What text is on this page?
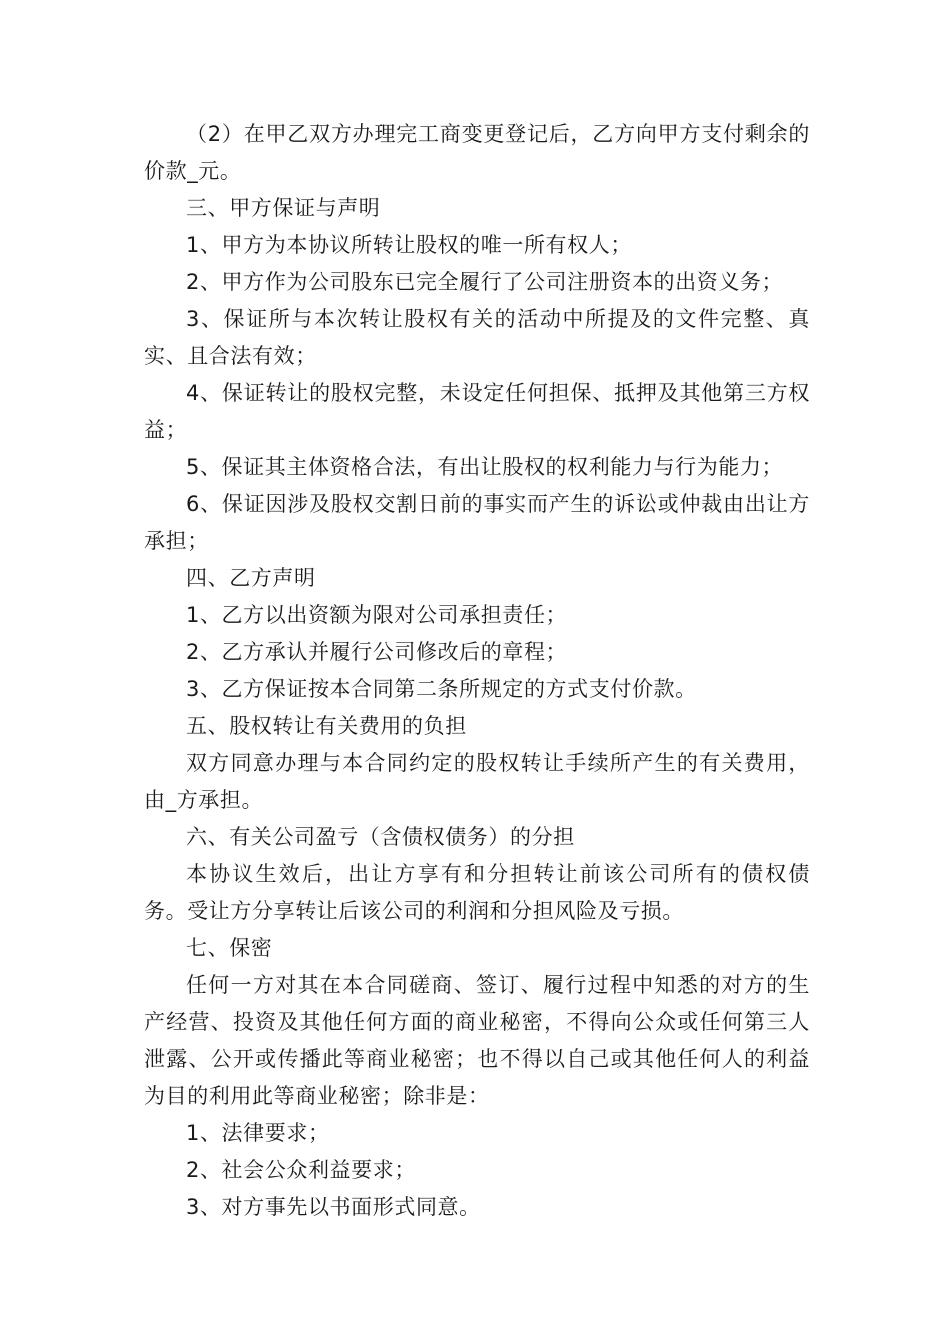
（2）在甲乙双方办理完工商变更登记后，乙方向甲方支付剩余的价款_元。

三、甲方保证与声明

1、甲方为本协议所转让股权的唯一所有权人；

2、甲方作为公司股东已完全履行了公司注册资本的出资义务；

3、保证所与本次转让股权有关的活动中所提及的文件完整、真实、且合法有效；

4、保证转让的股权完整，未设定任何担保、抵押及其他第三方权益；

5、保证其主体资格合法，有出让股权的权利能力与行为能力；

6、保证因涉及股权交割日前的事实而产生的诉讼或仲裁由出让方承担；

四、乙方声明

1、乙方以出资额为限对公司承担责任；

2、乙方承认并履行公司修改后的章程；

3、乙方保证按本合同第二条所规定的方式支付价款。

五、股权转让有关费用的负担

双方同意办理与本合同约定的股权转让手续所产生的有关费用，由_方承担。

六、有关公司盈亏（含债权债务）的分担

本协议生效后，出让方享有和分担转让前该公司所有的债权债务。受让方分享转让后该公司的利润和分担风险及亏损。

七、保密

任何一方对其在本合同磋商、签订、履行过程中知悉的对方的生产经营、投资及其他任何方面的商业秘密，不得向公众或任何第三人泄露、公开或传播此等商业秘密；也不得以自己或其他任何人的利益为目的利用此等商业秘密；除非是：

1、法律要求；

2、社会公众利益要求；

3、对方事先以书面形式同意。
